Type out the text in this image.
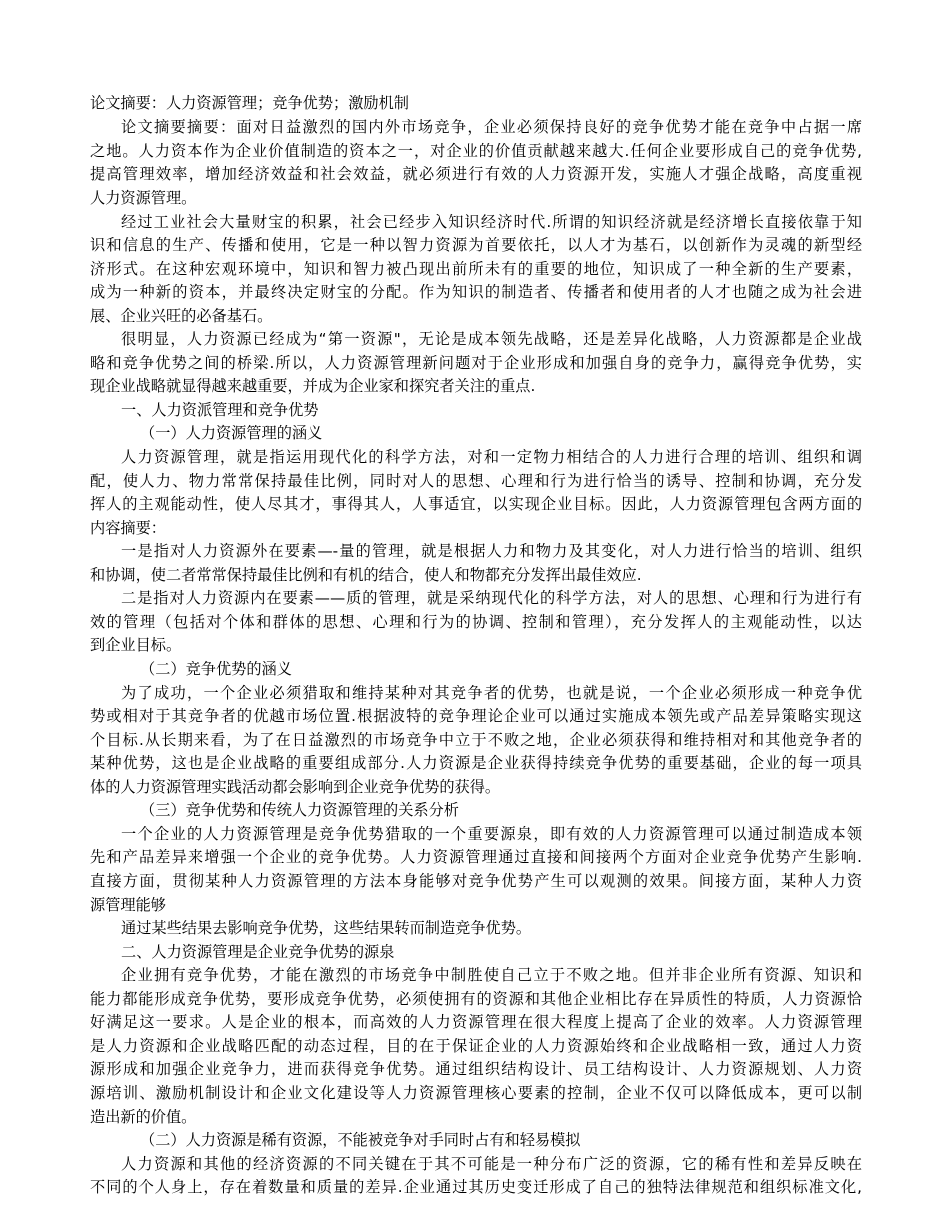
论文摘要：人力资源管理；竞争优势；激励机制
论文摘要摘要：面对日益激烈的国内外市场竞争，企业必须保持良好的竞争优势才能在竞争中占据一席
之地。人力资本作为企业价值制造的资本之一，对企业的价值贡献越来越大.任何企业要形成自己的竞争优势,
提高管理效率，增加经济效益和社会效益，就必须进行有效的人力资源开发，实施人才强企战略，高度重视
人力资源管理。
经过工业社会大量财宝的积累，社会已经步入知识经济时代.所谓的知识经济就是经济增长直接依靠于知
识和信息的生产、传播和使用，它是一种以智力资源为首要依托，以人才为基石，以创新作为灵魂的新型经
济形式。在这种宏观环境中，知识和智力被凸现出前所未有的重要的地位，知识成了一种全新的生产要素，
成为一种新的资本，并最终决定财宝的分配。作为知识的制造者、传播者和使用者的人才也随之成为社会进
展、企业兴旺的必备基石。
很明显，人力资源已经成为“第一资源"，无论是成本领先战略，还是差异化战略，人力资源都是企业战
略和竞争优势之间的桥梁.所以，人力资源管理新问题对于企业形成和加强自身的竞争力，赢得竞争优势，实
现企业战略就显得越来越重要，并成为企业家和探究者关注的重点.
一、人力资派管理和竞争优势
（一）人力资源管理的涵义
人力资源管理，就是指运用现代化的科学方法，对和一定物力相结合的人力进行合理的培训、组织和调
配，使人力、物力常常保持最佳比例，同时对人的思想、心理和行为进行恰当的诱导、控制和协调，充分发
挥人的主观能动性，使人尽其才，事得其人，人事适宜，以实现企业目标。因此，人力资源管理包含两方面的
内容摘要：
一是指对人力资源外在要素—-量的管理，就是根据人力和物力及其变化，对人力进行恰当的培训、组织
和协调，使二者常常保持最佳比例和有机的结合，使人和物都充分发挥出最佳效应.
二是指对人力资源内在要素——质的管理，就是采纳现代化的科学方法，对人的思想、心理和行为进行有
效的管理（包括对个体和群体的思想、心理和行为的协调、控制和管理），充分发挥人的主观能动性，以达
到企业目标。
（二）竞争优势的涵义
为了成功，一个企业必须猎取和维持某种对其竞争者的优势，也就是说，一个企业必须形成一种竞争优
势或相对于其竞争者的优越市场位置.根据波特的竞争理论企业可以通过实施成本领先或产品差异策略实现这
个目标.从长期来看，为了在日益激烈的市场竞争中立于不败之地，企业必须获得和维持相对和其他竞争者的
某种优势，这也是企业战略的重要组成部分.人力资源是企业获得持续竞争优势的重要基础，企业的每一项具
体的人力资源管理实践活动都会影响到企业竞争优势的获得。
（三）竞争优势和传统人力资源管理的关系分析
一个企业的人力资源管理是竞争优势猎取的一个重要源泉，即有效的人力资源管理可以通过制造成本领
先和产品差异来增强一个企业的竞争优势。人力资源管理通过直接和间接两个方面对企业竞争优势产生影响.
直接方面，贯彻某种人力资源管理的方法本身能够对竞争优势产生可以观测的效果。间接方面，某种人力资
源管理能够
通过某些结果去影响竞争优势，这些结果转而制造竞争优势。
二、人力资源管理是企业竞争优势的源泉
企业拥有竞争优势，才能在激烈的市场竞争中制胜使自己立于不败之地。但并非企业所有资源、知识和
能力都能形成竞争优势，要形成竞争优势，必须使拥有的资源和其他企业相比存在异质性的特质，人力资源恰
好满足这一要求。人是企业的根本，而高效的人力资源管理在很大程度上提高了企业的效率。人力资源管理
是人力资源和企业战略匹配的动态过程，目的在于保证企业的人力资源始终和企业战略相一致，通过人力资
源形成和加强企业竞争力，进而获得竞争优势。通过组织结构设计、员工结构设计、人力资源规划、人力资
源培训、激励机制设计和企业文化建设等人力资源管理核心要素的控制，企业不仅可以降低成本，更可以制
造出新的价值。
（二）人力资源是稀有资源，不能被竞争对手同时占有和轻易模拟
人力资源和其他的经济资源的不同关键在于其不可能是一种分布广泛的资源，它的稀有性和差异反映在
不同的个人身上，存在着数量和质量的差异.企业通过其历史变迁形成了自己的独特法律规范和组织标准文化,
